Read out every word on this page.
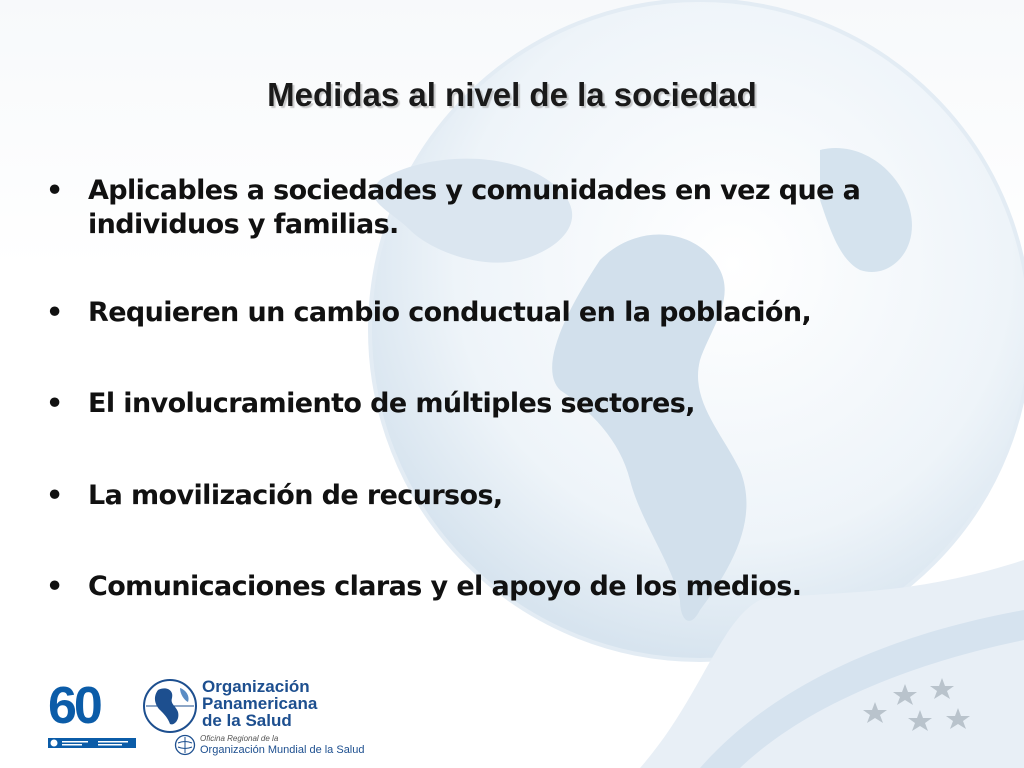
Medidas al nivel de la sociedad
• Aplicables a sociedades y comunidades en vez que a individuos y familias.
• Requieren un cambio conductual en la población,
• El involucramiento de múltiples sectores,
• La movilización de recursos,
• Comunicaciones claras y el apoyo de los medios.
60	Organización
Panamericana
de la Salud
Oficina Regional de la
Organización Mundial de la Salud
